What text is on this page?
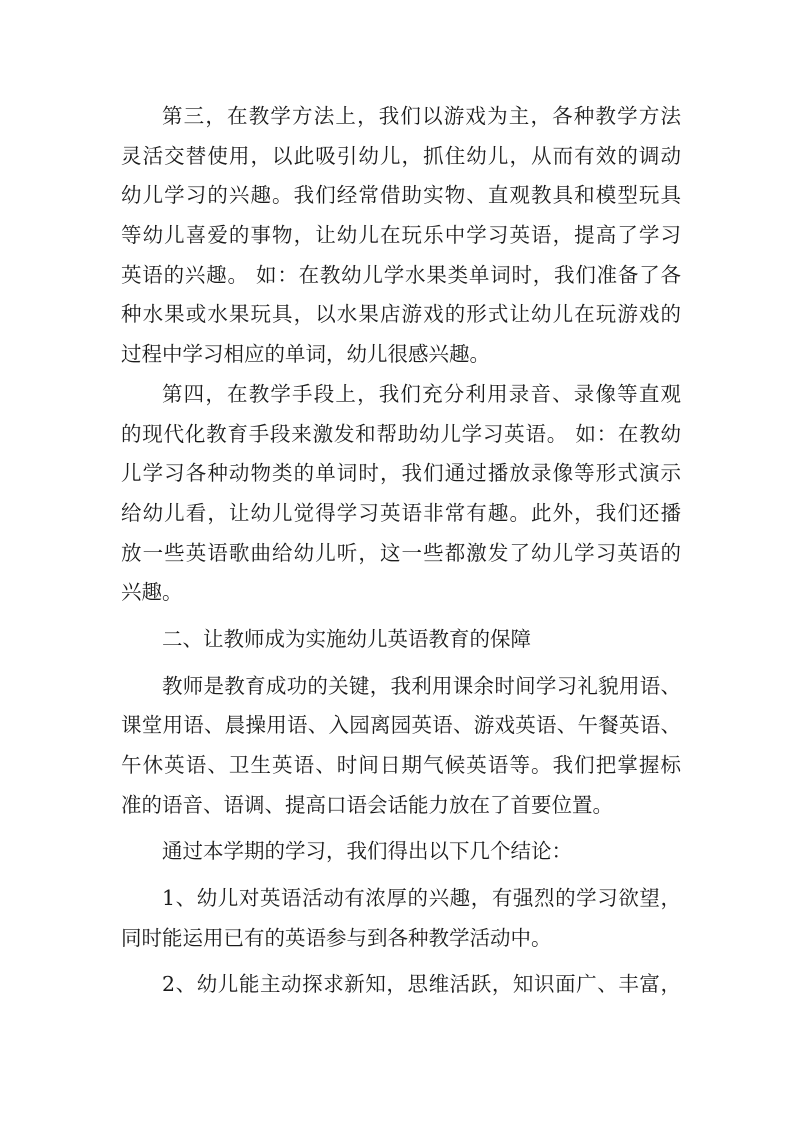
第三，在教学方法上，我们以游戏为主，各种教学方法
灵活交替使用，以此吸引幼儿，抓住幼儿，从而有效的调动
幼儿学习的兴趣。我们经常借助实物、直观教具和模型玩具
等幼儿喜爱的事物，让幼儿在玩乐中学习英语，提高了学习
英语的兴趣。 如：在教幼儿学水果类单词时，我们准备了各
种水果或水果玩具，以水果店游戏的形式让幼儿在玩游戏的
过程中学习相应的单词，幼儿很感兴趣。
第四，在教学手段上，我们充分利用录音、录像等直观
的现代化教育手段来激发和帮助幼儿学习英语。 如：在教幼
儿学习各种动物类的单词时，我们通过播放录像等形式演示
给幼儿看，让幼儿觉得学习英语非常有趣。此外，我们还播
放一些英语歌曲给幼儿听，这一些都激发了幼儿学习英语的
兴趣。
二、让教师成为实施幼儿英语教育的保障
教师是教育成功的关键，我利用课余时间学习礼貌用语、
课堂用语、晨操用语、入园离园英语、游戏英语、午餐英语、
午休英语、卫生英语、时间日期气候英语等。我们把掌握标
准的语音、语调、提高口语会话能力放在了首要位置。
通过本学期的学习，我们得出以下几个结论：
1、幼儿对英语活动有浓厚的兴趣，有强烈的学习欲望，
同时能运用已有的英语参与到各种教学活动中。
2、幼儿能主动探求新知，思维活跃，知识面广、丰富，
